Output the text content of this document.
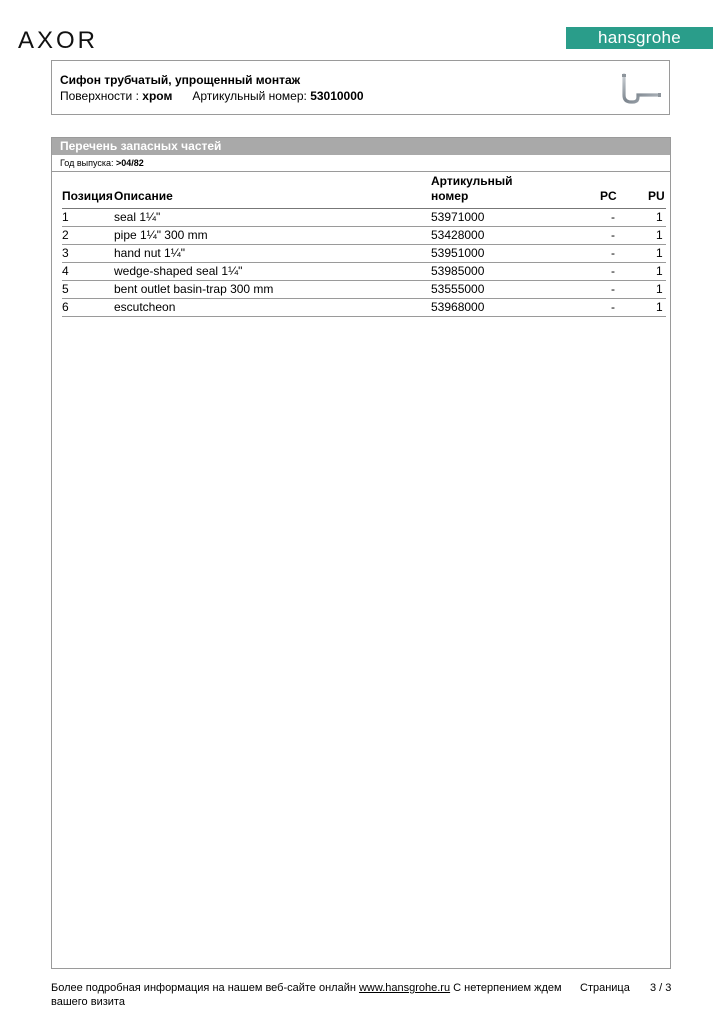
AXOR	hansgrohe
Сифон трубчатый, упрощенный монтаж
Поверхности : хром Артикульный номер: 53010000
Перечень запасных частей
Год выпуска: >04/82
Позиция Описание
Артикульный
номер	PC	PU
1	seal 1¼"	53971000	-	1
2	pipe 1¼" 300 mm	53428000	-	1
3	hand nut 1¼"	53951000	-	1
4	wedge-shaped seal 1¼"	53985000	-	1
5	bent outlet basin-trap 300 mm	53555000	-	1
6	escutcheon	53968000	-	1
Более подробная информация на нашем веб-сайте онлайн www.hansgrohe.ru С нетерпением ждем вашего визита
Страница 3 / 3
